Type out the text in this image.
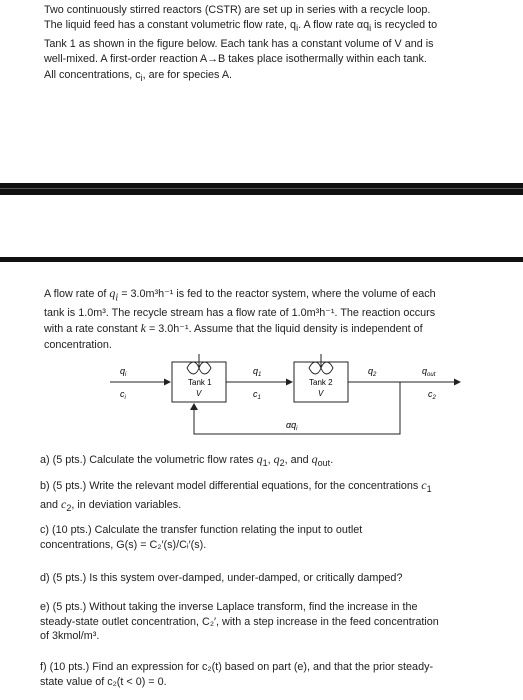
Two continuously stirred reactors (CSTR) are set up in series with a recycle loop.

The liquid feed has a constant volumetric flow rate, $q_i$. A flow rate $\alpha q_i$ is recycled to

Tank 1 as shown in the figure below. Each tank has a constant volume of V and is

well-mixed. A first-order reaction A→B takes place isothermally within each tank.

All concentrations, $c_i$, are for species A.

A flow rate of $q_i = 3.0m^3h^{-1}$ is fed to the reactor system, where the volume of each

tank is 1.0m³. The recycle stream has a flow rate of 1.0m³h⁻¹. The reaction occurs

with a rate constant k = 3.0h⁻¹. Assume that the liquid density is independent of

concentration.

$q_i$
$c_i$
Tank 1
V
$q_1$
$c_1$
Tank 2
V
$q_2$	$q_{out}$
$c_2$
$\alpha q_i$

a) (5 pts.) Calculate the volumetric flow rates $q_1$, $q_2$, and $q_{out}$.

b) (5 pts.) Write the relevant model differential equations, for the concentrations $c_1$

and $c_2$, in deviation variables.

c) (10 pts.) Calculate the transfer function relating the input to outlet

concentrations, G(s) = C₂′(s)/Cᵢ′(s).

d) (5 pts.) Is this system over-damped, under-damped, or critically damped?

e) (5 pts.) Without taking the inverse Laplace transform, find the increase in the

steady-state outlet concentration, C₂′, with a step increase in the feed concentration

of 3kmol/m³.

f) (10 pts.) Find an expression for c₂(t) based on part (e), and that the prior steady-

state value of c₂(t < 0) = 0.
